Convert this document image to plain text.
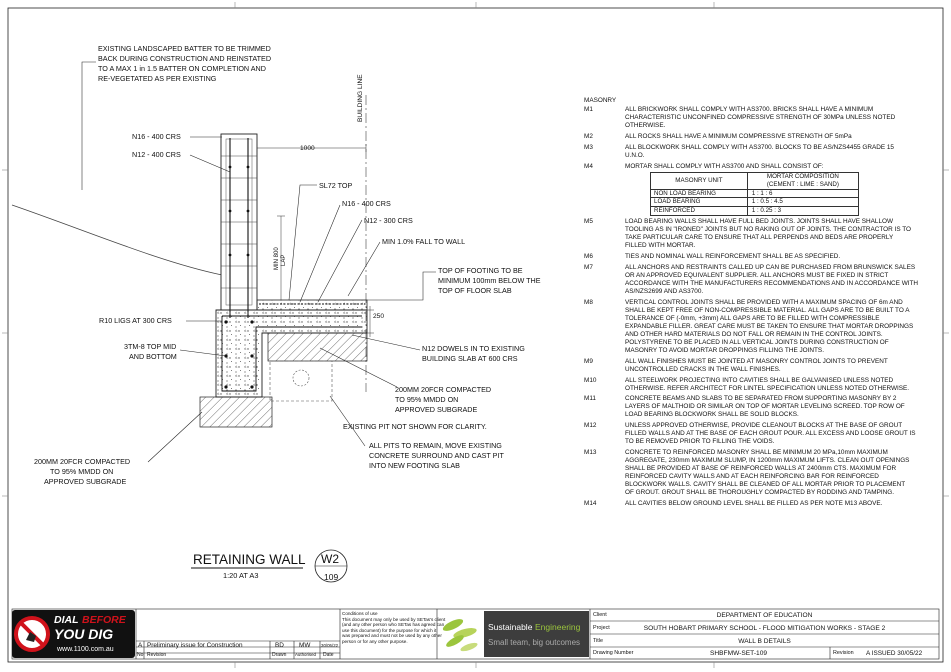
BUILDING LINE
1000
250
MIN 800LAP
EXISTING LANDSCAPED BATTER TO BE TRIMMED
BACK DURING CONSTRUCTION AND REINSTATED
TO A MAX 1 in 1.5 BATTER ON COMPLETION AND
RE-VEGETATED AS PER EXISTING
N16 - 400 CRS
N12 - 400 CRS
SL72 TOP
N16 - 400 CRS
N12 - 300 CRS
MIN 1.0% FALL TO WALL
TOP OF FOOTING TO BE
MINIMUM 100mm BELOW THE
TOP OF FLOOR SLAB
R10 LIGS AT 300 CRS
3TM-8 TOP MID
AND BOTTOM
N12 DOWELS IN TO EXISTING
BUILDING SLAB AT 600 CRS
200MM 20FCR COMPACTED
TO 95% MMDD ON
APPROVED SUBGRADE
EXISTING PIT NOT SHOWN FOR CLARITY.
ALL PITS TO REMAIN, MOVE EXISTING
CONCRETE SURROUND AND CAST PIT
INTO NEW FOOTING SLAB
200MM 20FCR COMPACTED
TO 95% MMDD ON
APPROVED SUBGRADE
RETAINING WALL
1:20 AT A3
W2
109
MASONRY
M1	ALL BRICKWORK SHALL COMPLY WITH AS3700. BRICKS SHALL HAVE A MINIMUM
CHARACTERISTIC UNCONFINED COMPRESSIVE STRENGTH OF 30MPa UNLESS NOTED
OTHERWISE.
M2	ALL ROCKS SHALL HAVE A MINIMUM COMPRESSIVE STRENGTH OF 5mPa
M3	ALL BLOCKWORK SHALL COMPLY WITH AS3700. BLOCKS TO BE AS/NZS4455 GRADE 15
U.N.O.
M4	MORTAR SHALL COMPLY WITH AS3700 AND SHALL CONSIST OF:
MASONRY UNIT	MORTAR COMPOSITION
(CEMENT : LIME : SAND)
NON LOAD BEARING	1 : 1 : 6
LOAD BEARING	1 : 0.5 : 4.5
REINFORCED	1 : 0.25 : 3
M5	LOAD BEARING WALLS SHALL HAVE FULL BED JOINTS. JOINTS SHALL HAVE SHALLOW
TOOLING AS IN "IRONED" JOINTS BUT NO RAKING OUT OF JOINTS. THE CONTRACTOR IS TO
TAKE PARTICULAR CARE TO ENSURE THAT ALL PERPENDS AND BEDS ARE PROPERLY
FILLED WITH MORTAR.
M6	TIES AND NOMINAL WALL REINFORCEMENT SHALL BE AS SPECIFIED.
M7	ALL ANCHORS AND RESTRAINTS CALLED UP CAN BE PURCHASED FROM BRUNSWICK SALES
OR AN APPROVED EQUIVALENT SUPPLIER. ALL ANCHORS MUST BE FIXED IN STRICT
ACCORDANCE WITH THE MANUFACTURERS RECOMMENDATIONS AND IN ACCORDANCE WITH
AS/NZS2699 AND AS3700.
M8	VERTICAL CONTROL JOINTS SHALL BE PROVIDED WITH A MAXIMUM SPACING OF 6m AND
SHALL BE KEPT FREE OF NON-COMPRESSIBLE MATERIAL. ALL GAPS ARE TO BE BUILT TO A
TOLERANCE OF (-0mm, +3mm) ALL GAPS ARE TO BE FILLED WITH COMPRESSIBLE
EXPANDABLE FILLER. GREAT CARE MUST BE TAKEN TO ENSURE THAT MORTAR DROPPINGS
AND OTHER HARD MATERIALS DO NOT FALL OR REMAIN IN THE CONTROL JOINTS.
POLYSTYRENE TO BE PLACED IN ALL VERTICAL JOINTS DURING CONSTRUCTION OF
MASONRY TO AVOID MORTAR DROPPINGS FILLING THE JOINTS.
M9	ALL WALL FINISHES MUST BE JOINTED AT MASONRY CONTROL JOINTS TO PREVENT
UNCONTROLLED CRACKS IN THE WALL FINISHES.
M10	ALL STEELWORK PROJECTING INTO CAVITIES SHALL BE GALVANISED UNLESS NOTED
OTHERWISE. REFER ARCHITECT FOR LINTEL SPECIFICATION UNLESS NOTED OTHERWISE.
M11	CONCRETE BEAMS AND SLABS TO BE SEPARATED FROM SUPPORTING MASONRY BY 2
LAYERS OF MALTHOID OR SIMILAR ON TOP OF MORTAR LEVELING SCREED. TOP ROW OF
LOAD BEARING BLOCKWORK SHALL BE SOLID BLOCKS.
M12	UNLESS APPROVED OTHERWISE, PROVIDE CLEANOUT BLOCKS AT THE BASE OF GROUT
FILLED WALLS AND AT THE BASE OF EACH GROUT POUR. ALL EXCESS AND LOOSE GROUT IS
TO BE REMOVED PRIOR TO FILLING THE VOIDS.
M13	CONCRETE TO REINFORCED MASONRY SHALL BE MINIMUM 20 MPa,10mm MAXIMUM
AGGREGATE, 230mm MAXIMUM SLUMP, IN 1200mm MAXIMUM LIFTS. CLEAN OUT OPENINGS
SHALL BE PROVIDED AT BASE OF REINFORCED WALLS AT 2400mm CTS. MAXIMUM FOR
REINFORCED CAVITY WALLS AND AT EACH REINFORCING BAR FOR REINFORCED
BLOCKWORK WALLS. CAVITY SHALL BE CLEANED OF ALL MORTAR PRIOR TO PLACEMENT
OF GROUT. GROUT SHALL BE THOROUGHLY COMPACTED BY RODDING AND TAMPING.
M14	ALL CAVITIES BELOW GROUND LEVEL SHALL BE FILLED AS PER NOTE M13 ABOVE.
DIAL BEFORE
YOU DIG
www.1100.com.au
A Preliminary issue for Construction	BD MW 30/05/22
No Revision	Drawn Authorised Date
Conditions of use
This document may only be used by SETas's client
(and any other person who SETas has agreed can
use this document) for the purpose for which it
was prepared and must not be used by any other
person or for any other purpose.
Sustainable Engineering
Small team, big outcomes
Client	DEPARTMENT OF EDUCATION
Project	SOUTH HOBART PRIMARY SCHOOL - FLOOD MITIGATION WORKS - STAGE 2
Title	WALL B DETAILS
Drawing Number	SHBFMW-SET-109	Revision A ISSUED 30/05/22
